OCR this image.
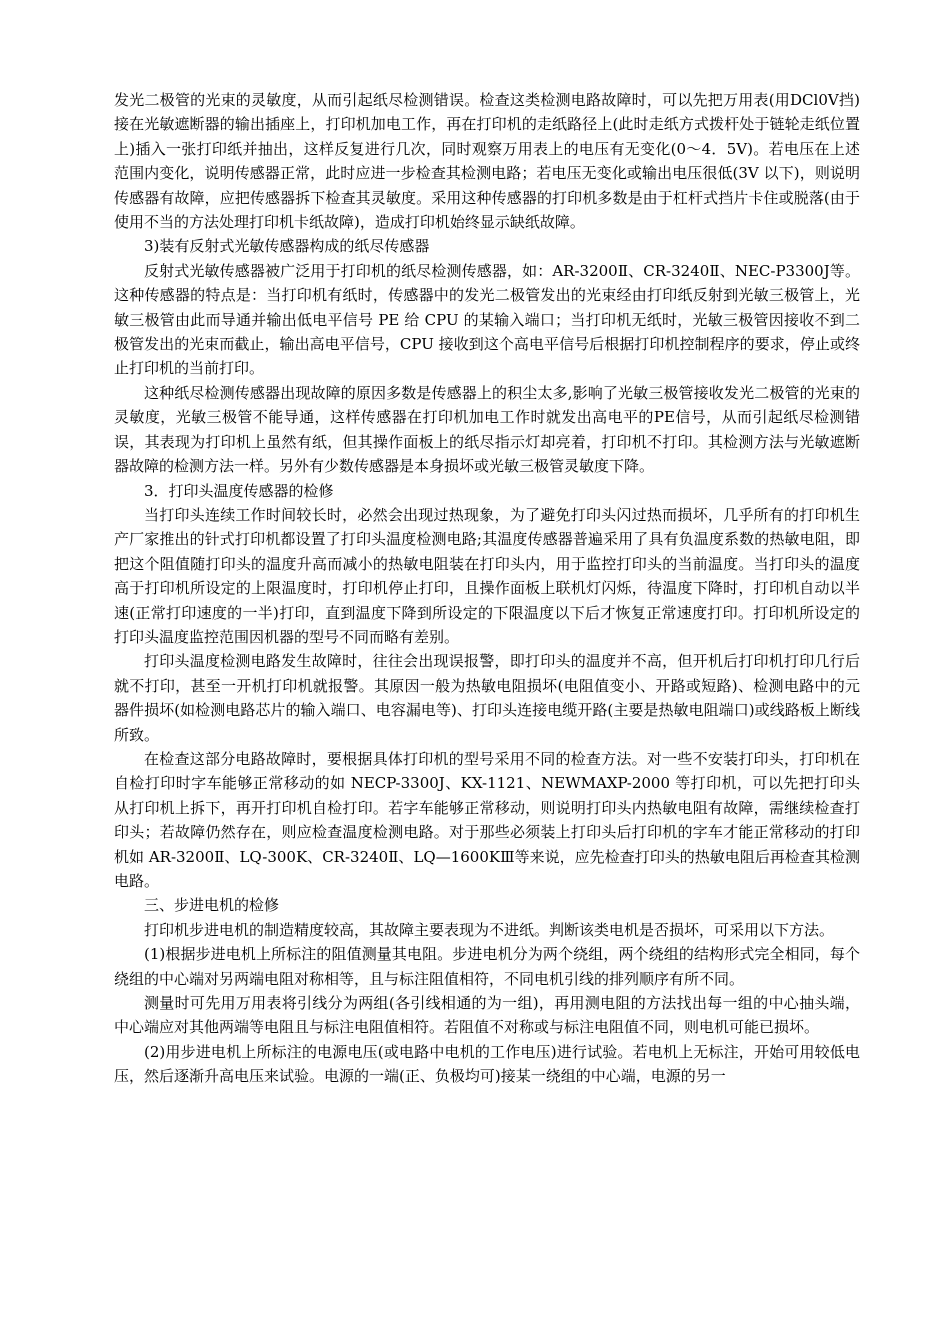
发光二极管的光束的灵敏度，从而引起纸尽检测错误。检查这类检测电路故障时，可以先把万用表(用DCl0V挡)接在光敏遮断器的输出插座上，打印机加电工作，再在打印机的走纸路径上(此时走纸方式拨杆处于链轮走纸位置上)插入一张打印纸并抽出，这样反复进行几次，同时观察万用表上的电压有无变化(0～4．5V)。若电压在上述范围内变化，说明传感器正常，此时应进一步检查其检测电路；若电压无变化或输出电压很低(3V 以下)，则说明传感器有故障，应把传感器拆下检查其灵敏度。采用这种传感器的打印机多数是由于杠杆式挡片卡住或脱落(由于使用不当的方法处理打印机卡纸故障)，造成打印机始终显示缺纸故障。

3)装有反射式光敏传感器构成的纸尽传感器

反射式光敏传感器被广泛用于打印机的纸尽检测传感器，如：AR-3200Ⅱ、CR-3240Ⅱ、NEC-P3300J等。这种传感器的特点是：当打印机有纸时，传感器中的发光二极管发出的光束经由打印纸反射到光敏三极管上，光敏三极管由此而导通并输出低电平信号 PE 给 CPU 的某输入端口；当打印机无纸时，光敏三极管因接收不到二极管发出的光束而截止，输出高电平信号，CPU 接收到这个高电平信号后根据打印机控制程序的要求，停止或终止打印机的当前打印。

这种纸尽检测传感器出现故障的原因多数是传感器上的积尘太多,影响了光敏三极管接收发光二极管的光束的灵敏度，光敏三极管不能导通，这样传感器在打印机加电工作时就发出高电平的PE信号，从而引起纸尽检测错误，其表现为打印机上虽然有纸，但其操作面板上的纸尽指示灯却亮着，打印机不打印。其检测方法与光敏遮断器故障的检测方法一样。另外有少数传感器是本身损坏或光敏三极管灵敏度下降。

3．打印头温度传感器的检修

当打印头连续工作时间较长时，必然会出现过热现象，为了避免打印头闪过热而损坏，几乎所有的打印机生产厂家推出的针式打印机都设置了打印头温度检测电路;其温度传感器普遍采用了具有负温度系数的热敏电阻，即把这个阻值随打印头的温度升高而减小的热敏电阻装在打印头内，用于监控打印头的当前温度。当打印头的温度高于打印机所设定的上限温度时，打印机停止打印，且操作面板上联机灯闪烁，待温度下降时，打印机自动以半速(正常打印速度的一半)打印，直到温度下降到所设定的下限温度以下后才恢复正常速度打印。打印机所设定的打印头温度监控范围因机器的型号不同而略有差别。

打印头温度检测电路发生故障时，往往会出现误报警，即打印头的温度并不高，但开机后打印机打印几行后就不打印，甚至一开机打印机就报警。其原因一般为热敏电阻损坏(电阻值变小、开路或短路)、检测电路中的元器件损坏(如检测电路芯片的输入端口、电容漏电等)、打印头连接电缆开路(主要是热敏电阻端口)或线路板上断线所致。

在检查这部分电路故障时，要根据具体打印机的型号采用不同的检查方法。对一些不安装打印头，打印机在自检打印时字车能够正常移动的如 NECP-3300J、KX-1121、NEWMAXP-2000 等打印机，可以先把打印头从打印机上拆下，再开打印机自检打印。若字车能够正常移动，则说明打印头内热敏电阻有故障，需继续检查打印头；若故障仍然存在，则应检查温度检测电路。对于那些必须装上打印头后打印机的字车才能正常移动的打印机如 AR-3200Ⅱ、LQ-300K、CR-3240Ⅱ、LQ—1600KⅢ等来说，应先检查打印头的热敏电阻后再检查其检测电路。

三、步进电机的检修

打印机步进电机的制造精度较高，其故障主要表现为不进纸。判断该类电机是否损坏，可采用以下方法。

(1)根据步进电机上所标注的阻值测量其电阻。步进电机分为两个绕组，两个绕组的结构形式完全相同，每个绕组的中心端对另两端电阻对称相等，且与标注阻值相符，不同电机引线的排列顺序有所不同。

测量时可先用万用表将引线分为两组(各引线相通的为一组)，再用测电阻的方法找出每一组的中心抽头端，中心端应对其他两端等电阻且与标注电阻值相符。若阻值不对称或与标注电阻值不同，则电机可能已损坏。

(2)用步进电机上所标注的电源电压(或电路中电机的工作电压)进行试验。若电机上无标注，开始可用较低电压，然后逐渐升高电压来试验。电源的一端(正、负极均可)接某一绕组的中心端，电源的另一
